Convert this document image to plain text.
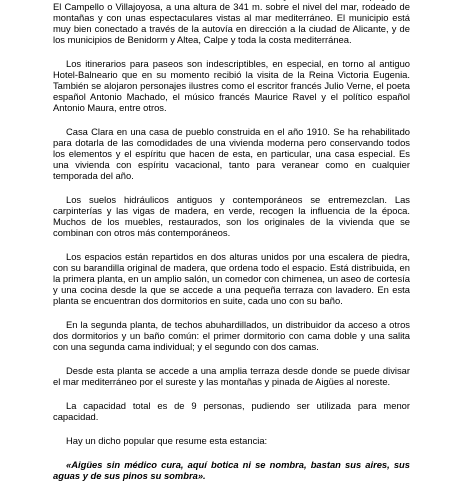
El Campello o Villajoyosa, a una altura de 341 m. sobre el nivel del mar, rodeado de montañas y con unas espectaculares vistas al mar mediterráneo. El municipio está muy bien conectado a través de la autovía en dirección a la ciudad de Alicante, y de los municipios de Benidorm y Altea, Calpe y toda la costa mediterránea.

Los itinerarios para paseos son indescriptibles, en especial, en torno al antiguo Hotel-Balneario que en su momento recibió la visita de la Reina Victoria Eugenia. También se alojaron personajes ilustres como el escritor francés Julio Verne, el poeta español Antonio Machado, el músico francés Maurice Ravel y el político español Antonio Maura, entre otros.

Casa Clara en una casa de pueblo construida en el año 1910. Se ha rehabilitado para dotarla de las comodidades de una vivienda moderna pero conservando todos los elementos y el espíritu que hacen de esta, en particular, una casa especial. Es una vivienda con espíritu vacacional, tanto para veranear como en cualquier temporada del año.

Los suelos hidráulicos antiguos y contemporáneos se entremezclan. Las carpinterías y las vigas de madera, en verde, recogen la influencia de la época. Muchos de los muebles, restaurados, son los originales de la vivienda que se combinan con otros más contemporáneos.

Los espacios están repartidos en dos alturas unidos por una escalera de piedra, con su barandilla original de madera, que ordena todo el espacio. Está distribuida, en la primera planta, en un amplio salón, un comedor con chimenea, un aseo de cortesía y una cocina desde la que se accede a una pequeña terraza con lavadero. En esta planta se encuentran dos dormitorios en suite, cada uno con su baño.

En la segunda planta, de techos abuhardillados, un distribuidor da acceso a otros dos dormitorios y un baño común: el primer dormitorio con cama doble y una salita con una segunda cama individual; y el segundo con dos camas.

Desde esta planta se accede a una amplia terraza desde donde se puede divisar el mar mediterráneo por el sureste y las montañas y pinada de Aigües al noreste.

La capacidad total es de 9 personas, pudiendo ser utilizada para menor capacidad.

Hay un dicho popular que resume esta estancia:

«Aigües sin médico cura, aquí botica ni se nombra, bastan sus aires, sus aguas y de sus pinos su sombra».
